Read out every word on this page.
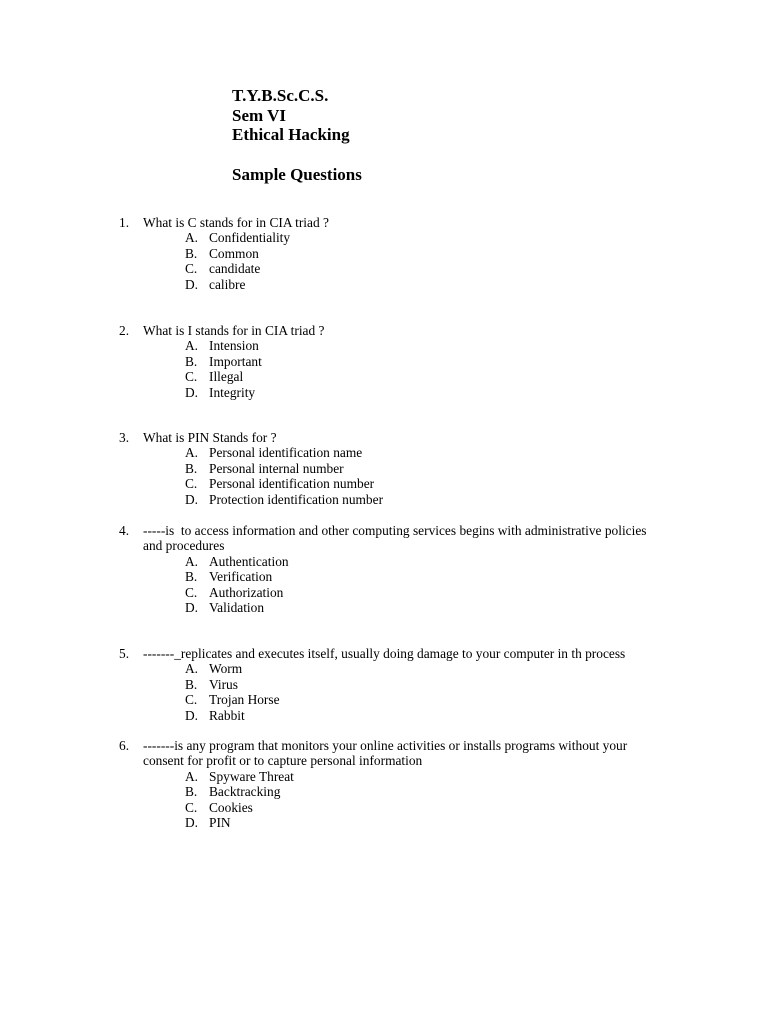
T.Y.B.Sc.C.S.
Sem VI
Ethical Hacking
Sample Questions
1.	What is C stands for in CIA triad ?
A. Confidentiality
B. Common
C. candidate
D. calibre
2.	What is I stands for in CIA triad ?
A. Intension
B. Important
C. Illegal
D. Integrity
3.	What is PIN Stands for ?
A. Personal identification name
B. Personal internal number
C. Personal identification number
D. Protection identification number
4.	-----is  to access information and other computing services begins with administrative policies and procedures
A. Authentication
B. Verification
C. Authorization
D. Validation
5.	-------_replicates and executes itself, usually doing damage to your computer in th process
A. Worm
B. Virus
C. Trojan Horse
D. Rabbit
6.	-------is any program that monitors your online activities or installs programs without your consent for profit or to capture personal information
A. Spyware Threat
B. Backtracking
C. Cookies
D. PIN
